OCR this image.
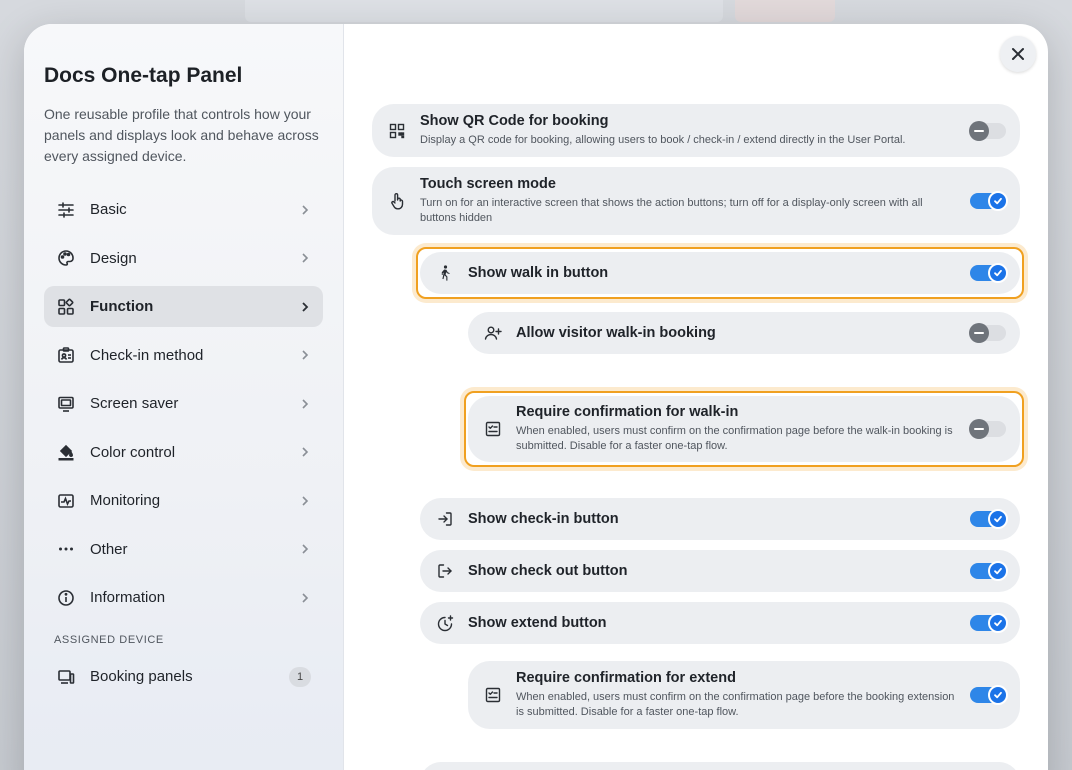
Docs One-tap Panel

One reusable profile that controls how your panels and displays look and behave across every assigned device.

Basic
Design
Function
Check-in method
Screen saver
Color control
Monitoring
Other
Information
ASSIGNED DEVICE
Booking panels	1
Show QR Code for booking
Display a QR code for booking, allowing users to book / check-in / extend directly in the User Portal.
Touch screen mode
Turn on for an interactive screen that shows the action buttons; turn off for a display-only screen with all buttons hidden
Show walk in button
Allow visitor walk-in booking
Require confirmation for walk-in
When enabled, users must confirm on the confirmation page before the walk-in booking is submitted. Disable for a faster one-tap flow.
Show check-in button
Show check out button
Show extend button
Require confirmation for extend
When enabled, users must confirm on the confirmation page before the booking extension is submitted. Disable for a faster one-tap flow.
